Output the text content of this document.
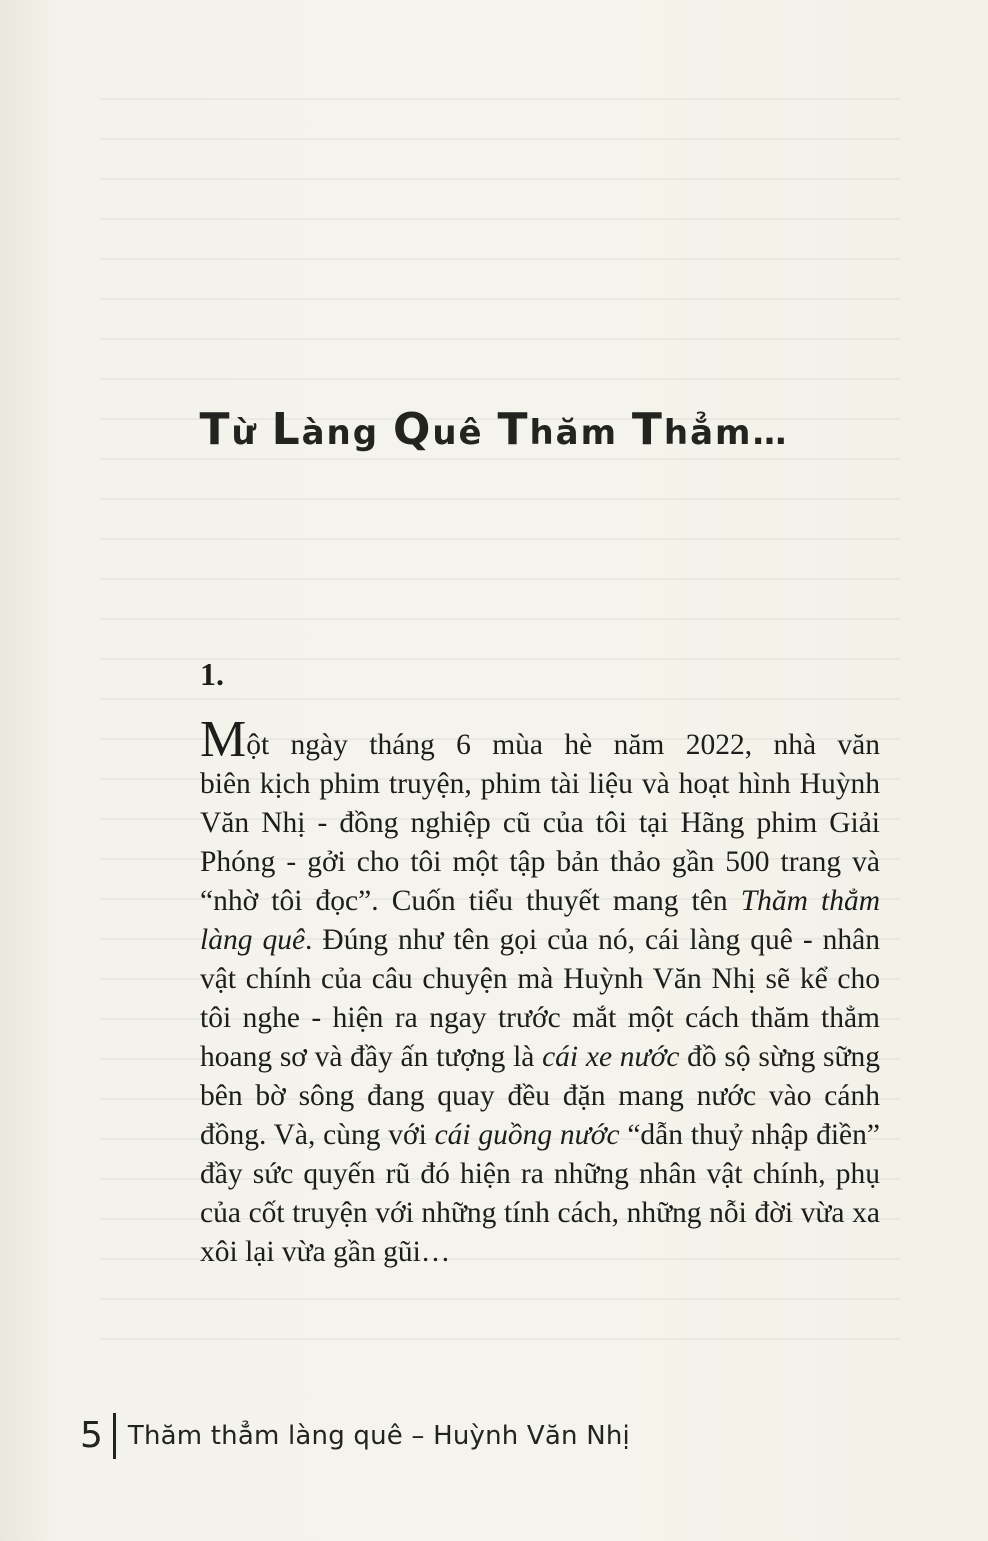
Từ Làng Quê Thăm Thẳm…

1.

Một ngày tháng 6 mùa hè năm 2022, nhà văn
biên kịch phim truyện, phim tài liệu và hoạt hình Huỳnh
Văn Nhị - đồng nghiệp cũ của tôi tại Hãng phim Giải
Phóng - gởi cho tôi một tập bản thảo gần 500 trang và
“nhờ tôi đọc”. Cuốn tiểu thuyết mang tên Thăm thẳm
làng quê. Đúng như tên gọi của nó, cái làng quê - nhân
vật chính của câu chuyện mà Huỳnh Văn Nhị sẽ kể cho
tôi nghe - hiện ra ngay trước mắt một cách thăm thẳm
hoang sơ và đầy ấn tượng là cái xe nước đồ sộ sừng sững
bên bờ sông đang quay đều đặn mang nước vào cánh
đồng. Và, cùng với cái guồng nước “dẫn thuỷ nhập điền”
đầy sức quyến rũ đó hiện ra những nhân vật chính, phụ
của cốt truyện với những tính cách, những nỗi đời vừa xa
xôi lại vừa gần gũi…
5 Thăm thẳm làng quê – Huỳnh Văn Nhị
